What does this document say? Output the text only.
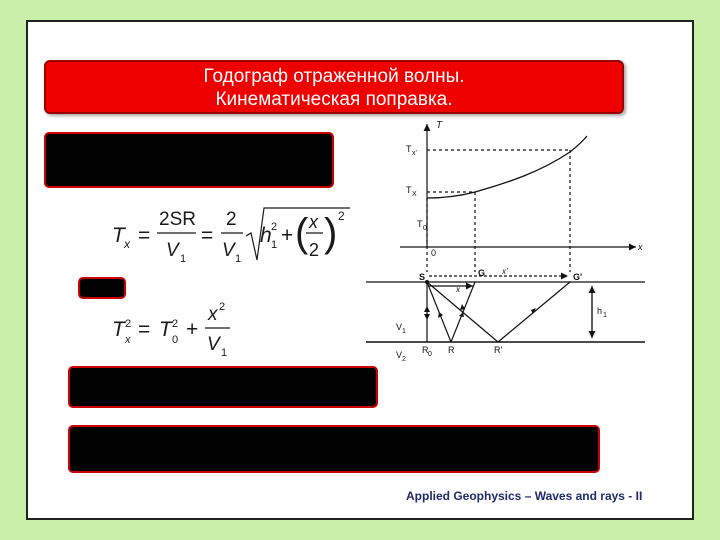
Годограф отраженной волны.
Кинематическая поправка.
T x =
2SR
V 1
=
2
V 1
h 1
2 + ( x
2 ) 2
T 2
x = T 2
0 +
x 2
V 1
T
T x'
T X
T 0
0
x
S	G	G'
x'
x
h 1
V 1
V 2
R 0 R	R'
Applied Geophysics – Waves and rays - II
